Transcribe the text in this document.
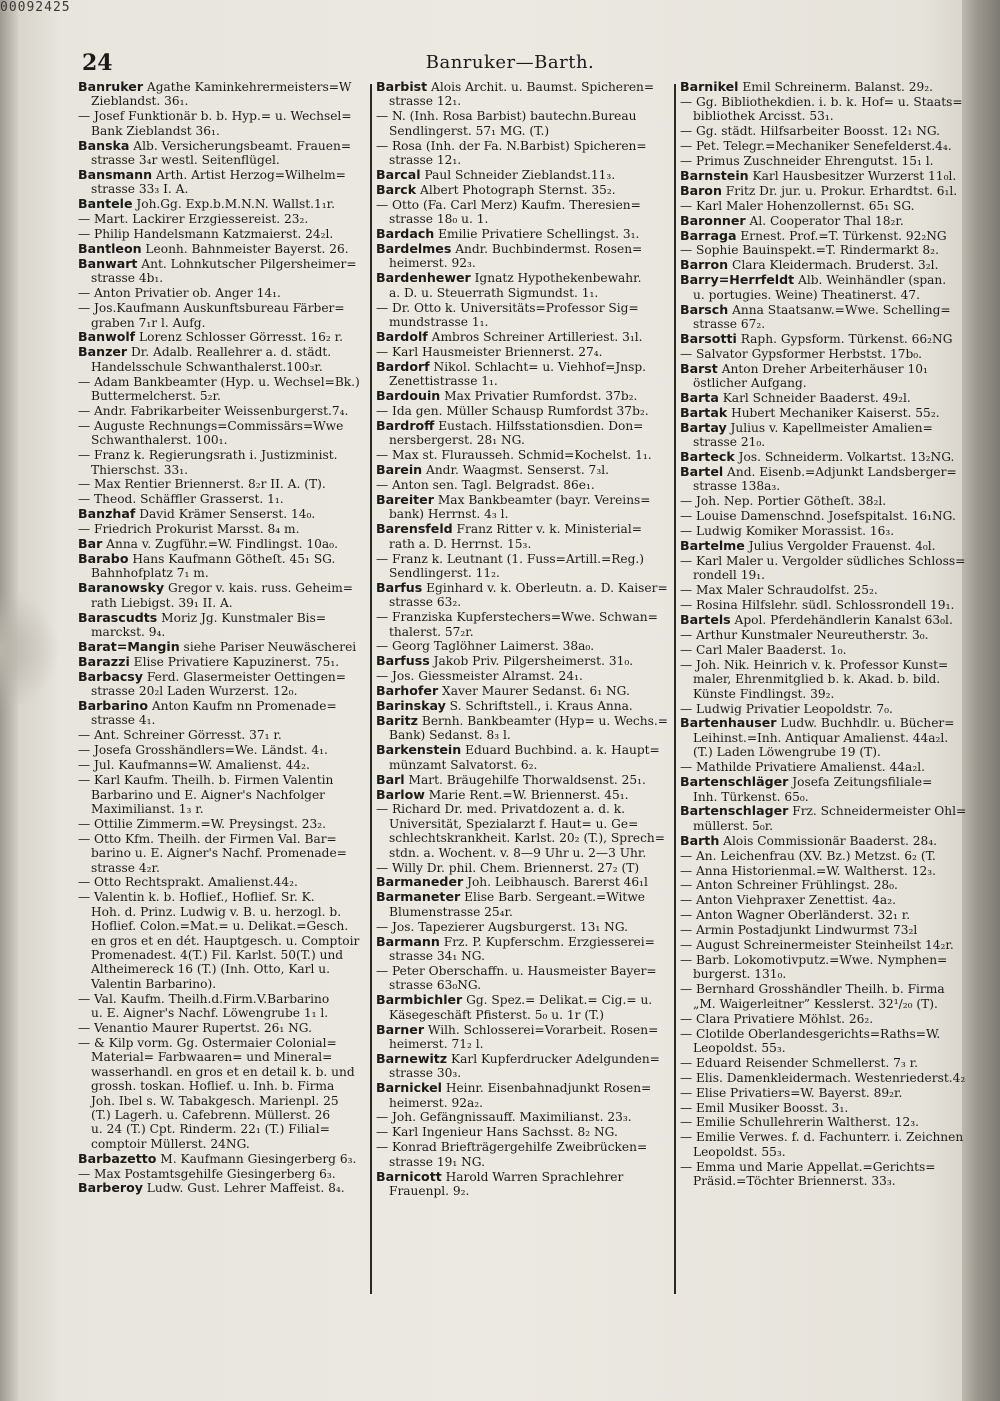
00092425
24	Banruker—Barth.
Banruker Agathe Kaminkehrermeisters=W
Zieblandst. 36₁.
—Josef Funktionär b. b. Hyp.= u. Wechsel=
Bank Zieblandst 36₁.
Banska Alb. Versicherungsbeamt. Frauen=
strasse 3₄r westl. Seitenflügel.
Bansmann Arth. Artist Herzog=Wilhelm=
strasse 33₃ I. A.
Bantele Joh.Gg. Exp.b.M.N.N. Wallst.1₁r.
—Mart. Lackirer Erzgiessereist. 23₂.
—Philip Handelsmann Katzmaierst. 24₂l.
Bantleon Leonh. Bahnmeister Bayerst. 26.
Banwart Ant. Lohnkutscher Pilgersheimer=
strasse 4b₁.
—Anton Privatier ob. Anger 14₁.
—Jos.Kaufmann Auskunftsbureau Färber=
graben 7₁r l. Aufg.
Banwolf Lorenz Schlosser Görresst. 16₂ r.
Banzer Dr. Adalb. Reallehrer a. d. städt.
Handelsschule Schwanthalerst.100₃r.
—Adam Bankbeamter (Hyp. u. Wechsel=Bk.)
Buttermelcherst. 5₂r.
—Andr. Fabrikarbeiter Weissenburgerst.7₄.
—Auguste Rechnungs=Commissärs=Wwe
Schwanthalerst. 100₁.
—Franz k. Regierungsrath i. Justizminist.
Thierschst. 33₁.
—Max Rentier Briennerst. 8₂r II. A. (T).
—Theod. Schäffler Grasserst. 1₁.
Banzhaf David Krämer Senserst. 14₀.
—Friedrich Prokurist Marsst. 8₄ m.
Bar Anna v. Zugführ.=W. Findlingst. 10a₀.
Barabo Hans Kaufmann Götheſt. 45₁ SG.
Bahnhofplatz 7₁ m.
Baranowsky Gregor v. kais. russ. Geheim=
rath Liebigst. 39₁ II. A.
Barascudts Moriz Jg. Kunstmaler Bis=
marckst. 9₄.
Barat=Mangin siehe Pariser Neuwäscherei
Barazzi Elise Privatiere Kapuzinerst. 75₁.
Barbacsy Ferd. Glasermeister Oettingen=
strasse 20₂l Laden Wurzerst. 12₀.
Barbarino Anton Kaufm nn Promenade=
strasse 4₁.
—Ant. Schreiner Görresst. 37₁ r.
—Josefa Grosshändlers=We. Ländst. 4₁.
—Jul. Kaufmanns=W. Amalienst. 44₂.
—Karl Kaufm. Theilh. b. Firmen Valentin
Barbarino und E. Aigner's Nachfolger
Maximilianst. 1₃ r.
—Ottilie Zimmerm.=W. Preysingst. 23₂.
—Otto Kfm. Theilh. der Firmen Val. Bar=
barino u. E. Aigner's Nachf. Promenade=
strasse 4₂r.
—Otto Rechtsprakt. Amalienst.44₂.
—Valentin k. b. Hoflief., Hoflief. Sr. K.
Hoh. d. Prinz. Ludwig v. B. u. herzogl. b.
Hoflief. Colon.=Mat.= u. Delikat.=Gesch.
en gros et en dét. Hauptgesch. u. Comptoir
Promenadest. 4(T.) Fil. Karlst. 50(T.) und
Altheimereck 16 (T.) (Inh. Otto, Karl u.
Valentin Barbarino).
—Val. Kaufm. Theilh.d.Firm.V.Barbarino
u. E. Aigner's Nachf. Löwengrube 1₁ l.
—Venantio Maurer Rupertst. 26₁ NG.
—& Kilp vorm. Gg. Ostermaier Colonial=
Material= Farbwaaren= und Mineral=
wasserhandl. en gros et en detail k. b. und
grossh. toskan. Hoflief. u. Inh. b. Firma
Joh. Ibel s. W. Tabakgesch. Marienpl. 25
(T.) Lagerh. u. Cafebrenn. Müllerst. 26
u. 24 (T.) Cpt. Rinderm. 22₁ (T.) Filial=
comptoir Müllerst. 24NG.
Barbazetto M. Kaufmann Giesingerberg 6₃.
—Max Postamtsgehilfe Giesingerberg 6₃.
Barberoy Ludw. Gust. Lehrer Maffeist. 8₄.
Barbist Alois Archit. u. Baumst. Spicheren=
strasse 12₁.
—N. (Inh. Rosa Barbist) bautechn.Bureau
Sendlingerst. 57₁ MG. (T.)
—Rosa (Inh. der Fa. N.Barbist) Spicheren=
strasse 12₁.
Barcal Paul Schneider Zieblandst.11₃.
Barck Albert Photograph Sternst. 35₂.
—Otto (Fa. Carl Merz) Kaufm. Theresien=
strasse 18₀ u. 1.
Bardach Emilie Privatiere Schellingst. 3₁.
Bardelmes Andr. Buchbindermst. Rosen=
heimerst. 92₃.
Bardenhewer Ignatz Hypothekenbewahr.
a. D. u. Steuerrath Sigmundst. 1₁.
—Dr. Otto k. Universitäts=Professor Sig=
mundstrasse 1₁.
Bardolf Ambros Schreiner Artilleriest. 3₁l.
—Karl Hausmeister Briennerst. 27₄.
Bardorf Nikol. Schlacht= u. Viehhof=Jnsp.
Zenettistrasse 1₁.
Bardouin Max Privatier Rumfordst. 37b₂.
—Ida gen. Müller Schausp Rumfordst 37b₂.
Bardroff Eustach. Hilfsstationsdien. Don=
nersbergerst. 28₁ NG.
—Max st. Flurausseh. Schmid=Kochelst. 1₁.
Barein Andr. Waagmst. Senserst. 7₃l.
—Anton sen. Tagl. Belgradst. 86e₁.
Bareiter Max Bankbeamter (bayr. Vereins=
bank) Herrnst. 4₃ l.
Barensfeld Franz Ritter v. k. Ministerial=
rath a. D. Herrnst. 15₃.
—Franz k. Leutnant (1. Fuss=Artill.=Reg.)
Sendlingerst. 11₂.
Barfus Eginhard v. k. Oberleutn. a. D. Kaiser=
strasse 63₂.
—Franziska Kupferstechers=Wwe. Schwan=
thalerst. 57₂r.
—Georg Taglöhner Laimerst. 38a₀.
Barfuss Jakob Priv. Pilgersheimerst. 31₀.
—Jos. Giessmeister Alramst. 24₁.
Barhofer Xaver Maurer Sedanst. 6₁ NG.
Barinskay S. Schriftstell., i. Kraus Anna.
Baritz Bernh. Bankbeamter (Hyp= u. Wechs.=
Bank) Sedanst. 8₃ l.
Barkenstein Eduard Buchbind. a. k. Haupt=
münzamt Salvatorst. 6₂.
Barl Mart. Bräugehilfe Thorwaldsenst. 25₁.
Barlow Marie Rent.=W. Briennerst. 45₁.
—Richard Dr. med. Privatdozent a. d. k.
Universität, Spezialarzt f. Haut= u. Ge=
schlechtskrankheit. Karlst. 20₂ (T.), Sprech=
stdn. a. Wochent. v. 8—9 Uhr u. 2—3 Uhr.
—Willy Dr. phil. Chem. Briennerst. 27₂ (T)
Barmaneder Joh. Leibhausch. Barerst 46₁l
Barmaneter Elise Barb. Sergeant.=Witwe
Blumenstrasse 25₄r.
—Jos. Tapezierer Augsburgerst. 13₁ NG.
Barmann Frz. P. Kupferschm. Erzgiesserei=
strasse 34₁ NG.
—Peter Oberschaffn. u. Hausmeister Bayer=
strasse 63₀NG.
Barmbichler Gg. Spez.= Delikat.= Cig.= u.
Käsegeschäft Pfisterst. 5₀ u. 1r (T.)
Barner Wilh. Schlosserei=Vorarbeit. Rosen=
heimerst. 71₂ l.
Barnewitz Karl Kupferdrucker Adelgunden=
strasse 30₃.
Barnickel Heinr. Eisenbahnadjunkt Rosen=
heimerst. 92a₂.
—Joh. Gefängnissauff. Maximilianst. 23₃.
—Karl Ingenieur Hans Sachsst. 8₂ NG.
—Konrad Briefträgergehilfe Zweibrücken=
strasse 19₁ NG.
Barnicott Harold Warren Sprachlehrer
Frauenpl. 9₂.
Barnikel Emil Schreinerm. Balanst. 29₂.
—Gg. Bibliothekdien. i. b. k. Hof= u. Staats=
bibliothek Arcisst. 53₁.
—Gg. städt. Hilfsarbeiter Boosst. 12₁ NG.
—Pet. Telegr.=Mechaniker Senefelderst.4₄.
—Primus Zuschneider Ehrengutst. 15₁ l.
Barnstein Karl Hausbesitzer Wurzerst 11₀l.
Baron Fritz Dr. jur. u. Prokur. Erhardtst. 6₁l.
—Karl Maler Hohenzollernst. 65₁ SG.
Baronner Al. Cooperator Thal 18₂r.
Barraga Ernest. Prof.=T. Türkenst. 92₂NG
—Sophie Bauinspekt.=T. Rindermarkt 8₂.
Barron Clara Kleidermach. Bruderst. 3₂l.
Barry=Herrfeldt Alb. Weinhändler (span.
u. portugies. Weine) Theatinerst. 47.
Barsch Anna Staatsanw.=Wwe. Schelling=
strasse 67₂.
Barsotti Raph. Gypsform. Türkenst. 66₂NG
—Salvator Gypsformer Herbstst. 17b₀.
Barst Anton Dreher Arbeiterhäuser 10₁
östlicher Aufgang.
Barta Karl Schneider Baaderst. 49₂l.
Bartak Hubert Mechaniker Kaiserst. 55₂.
Bartay Julius v. Kapellmeister Amalien=
strasse 21₀.
Barteck Jos. Schneiderm. Volkartst. 13₂NG.
Bartel And. Eisenb.=Adjunkt Landsberger=
strasse 138a₃.
—Joh. Nep. Portier Götheſt. 38₂l.
—Louise Damenschnd. Josefspitalst. 16₁NG.
—Ludwig Komiker Morassist. 16₃.
Bartelme Julius Vergolder Frauenst. 4₀l.
—Karl Maler u. Vergolder südliches Schloss=
rondell 19₁.
—Max Maler Schraudolfst. 25₂.
—Rosina Hilfslehr. südl. Schlossrondell 19₁.
Bartels Apol. Pferdehändlerin Kanalst 63₀l.
—Arthur Kunstmaler Neureutherstr. 3₀.
—Carl Maler Baaderst. 1₀.
—Joh. Nik. Heinrich v. k. Professor Kunst=
maler, Ehrenmitglied b. k. Akad. b. bild.
Künste Findlingst. 39₂.
—Ludwig Privatier Leopoldstr. 7₀.
Bartenhauser Ludw. Buchhdlr. u. Bücher=
Leihinst.=Inh. Antiquar Amalienst. 44a₂l.
(T.) Laden Löwengrube 19 (T).
—Mathilde Privatiere Amalienst. 44a₂l.
Bartenschläger Josefa Zeitungsfiliale=
Inh. Türkenst. 65₀.
Bartenschlager Frz. Schneidermeister Ohl=
müllerst. 5₀r.
Barth Alois Commissionär Baaderst. 28₄.
—An. Leichenfrau (XV. Bz.) Metzst. 6₂ (T.
—Anna Historienmal.=W. Waltherst. 12₃.
—Anton Schreiner Frühlingst. 28₀.
—Anton Viehpraxer Zenettist. 4a₂.
—Anton Wagner Oberländerst. 32₁ r.
—Armin Postadjunkt Lindwurmst 73₂l
—August Schreinermeister Steinheilst 14₂r.
—Barb. Lokomotivputz.=Wwe. Nymphen=
burgerst. 131₀.
—Bernhard Grosshändler Theilh. b. Firma
„M. Waigerleitner” Kesslerst. 32¹/₂₀ (T).
—Clara Privatiere Möhlst. 26₂.
—Clotilde Oberlandesgerichts=Raths=W.
Leopoldst. 55₃.
—Eduard Reisender Schmellerst. 7₃ r.
—Elis. Damenkleidermach. Westenriederst.4₂
—Elise Privatiers=W. Bayerst. 89₂r.
—Emil Musiker Boosst. 3₁.
—Emilie Schullehrerin Waltherst. 12₃.
—Emilie Verwes. f. d. Fachunterr. i. Zeichnen
Leopoldst. 55₃.
—Emma und Marie Appellat.=Gerichts=
Präsid.=Töchter Briennerst. 33₃.
